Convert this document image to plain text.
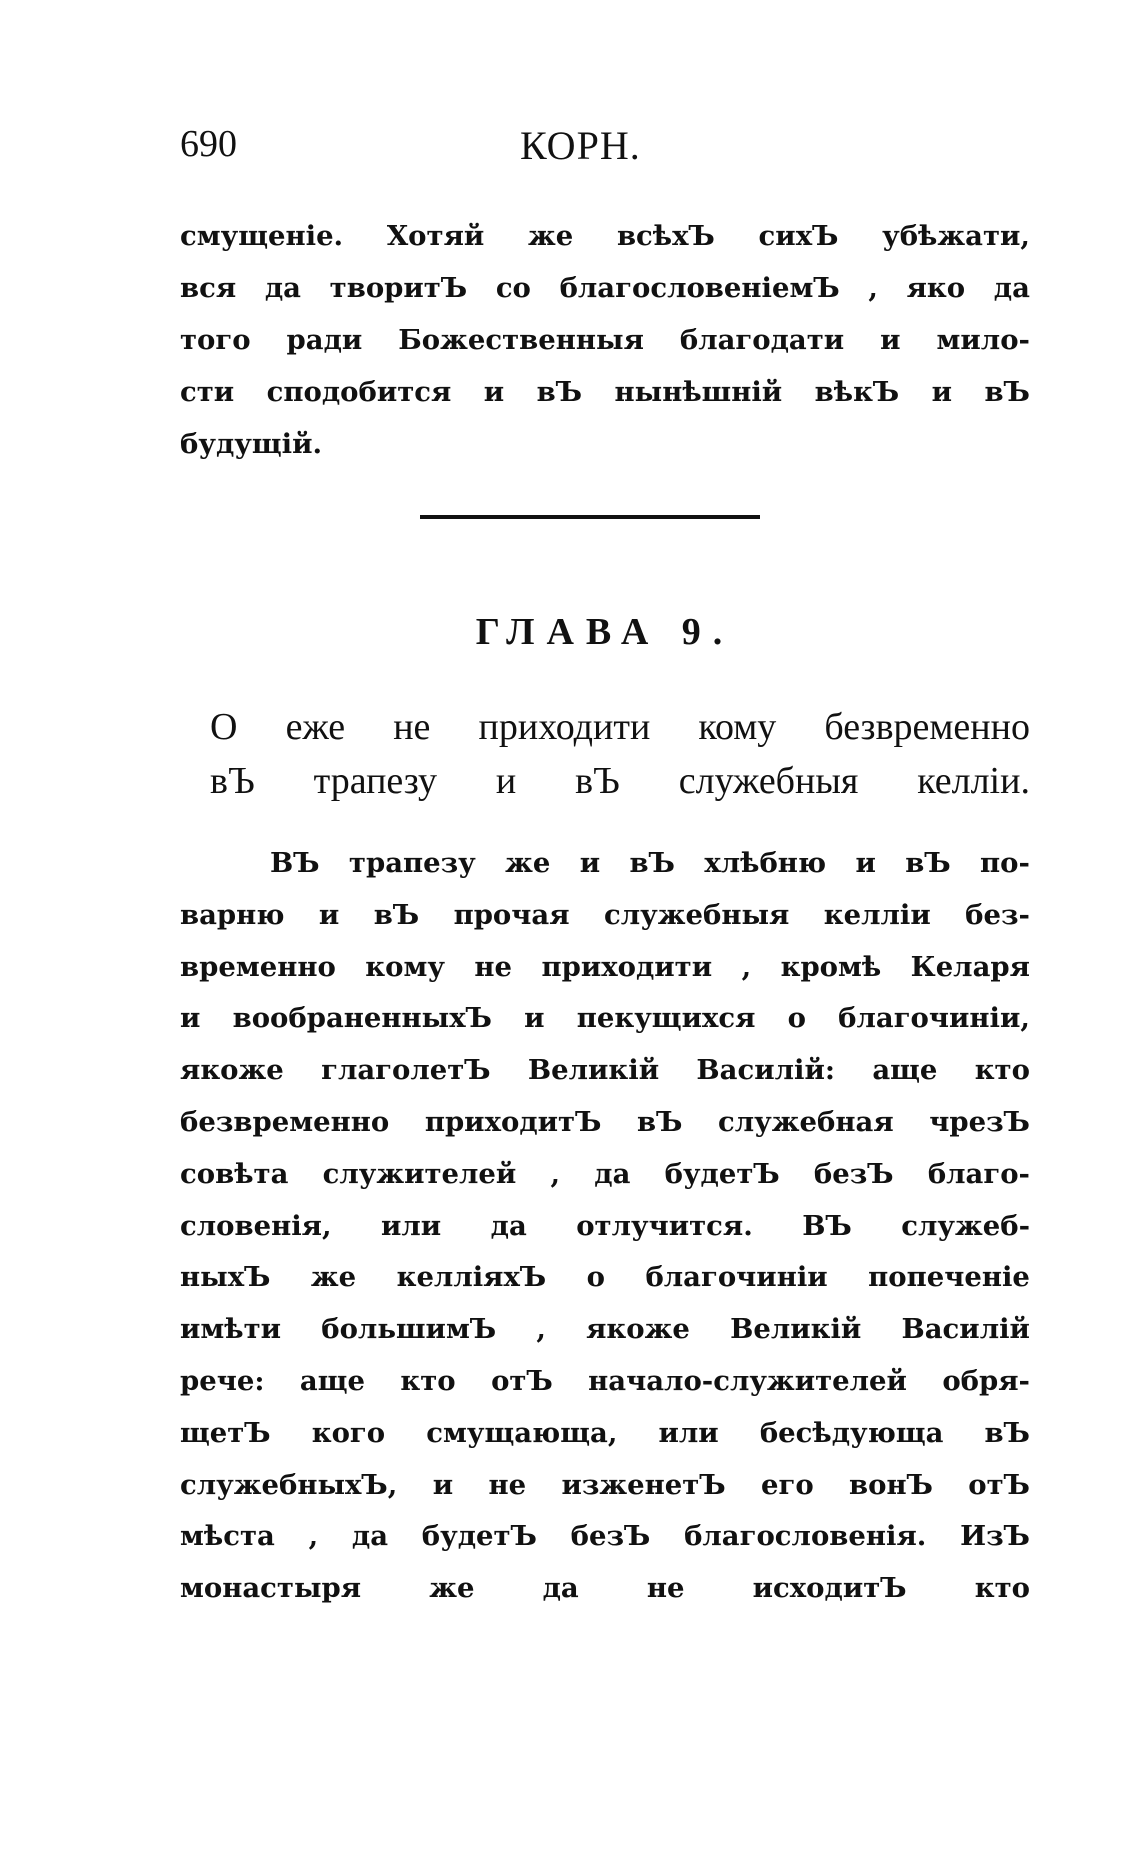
690	КОРН.
смущеніе. Хотяй же всѣхЪ сихЪ убѣжати,
вся да творитЪ со благословеніемЪ , яко да
того ради Божественныя благодати и мило-
сти сподобится и вЪ нынѣшній вѣкЪ и вЪ
будущій.
ГЛАВА 9.
О еже не приходити кому безвременно
вЪ трапезу и вЪ служебныя келліи.
ВЪ трапезу же и вЪ хлѣбню и вЪ по-
варню и вЪ прочая служебныя келліи без-
временно кому не приходити , кромѣ Келаря
и вообраненныхЪ и пекущихся о благочиніи,
якоже глаголетЪ Великій Василій: аще кто
безвременно приходитЪ вЪ служебная чрезЪ
совѣта служителей , да будетЪ безЪ благо-
словенія, или да отлучится. ВЪ служеб-
ныхЪ же келліяхЪ о благочиніи попеченіе
имѣти большимЪ , якоже Великій Василій
рече: аще кто отЪ начало-служителей обря-
щетЪ кого смущающа, или бесѣдующа вЪ
служебныхЪ, и не изженетЪ его вонЪ отЪ
мѣста , да будетЪ безЪ благословенія. ИзЪ
монастыря же да не исходитЪ кто
